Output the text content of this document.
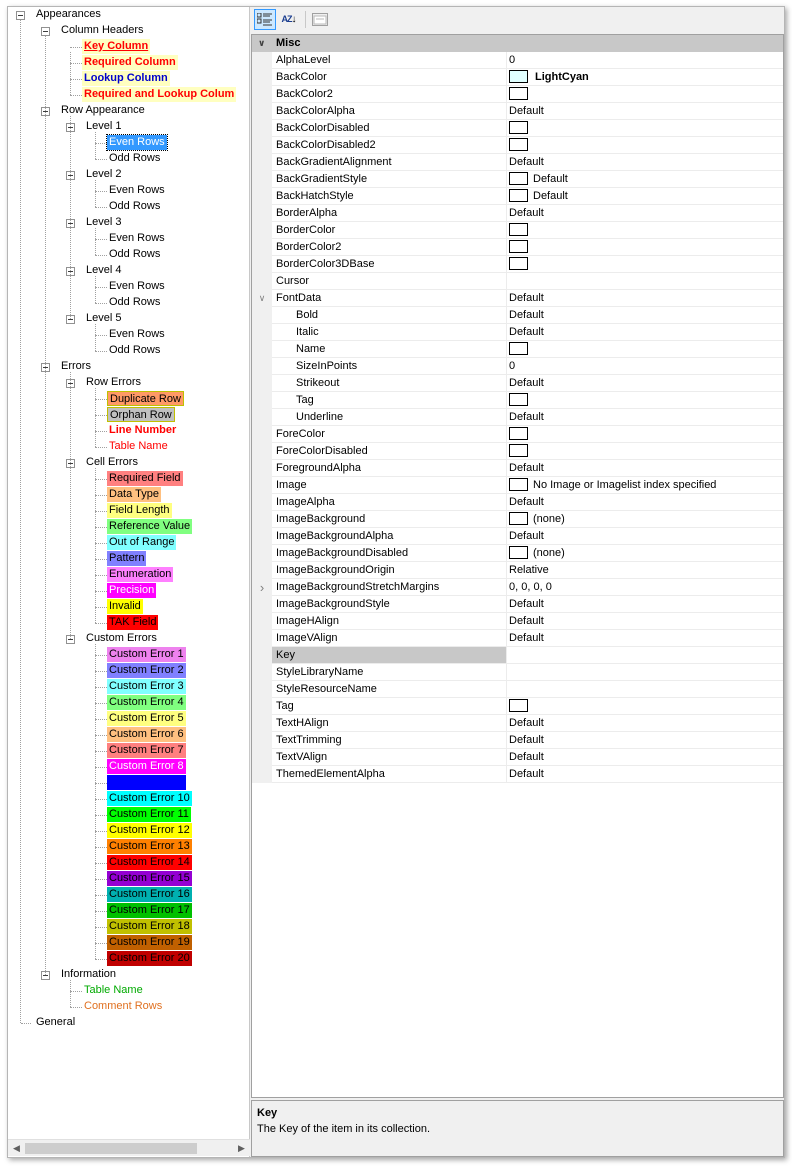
Appearances
Column Headers
Key Column
Required Column
Lookup Column
Required and Lookup Colum
Row Appearance
Level 1
Even Rows
Odd Rows
Level 2
Even Rows
Odd Rows
Level 3
Even Rows
Odd Rows
Level 4
Even Rows
Odd Rows
Level 5
Even Rows
Odd Rows
Errors
Row Errors
Duplicate Row
Orphan Row
Line Number
Table Name
Cell Errors
Required Field
Data Type
Field Length
Reference Value
Out of Range
Pattern
Enumeration
Precision
Invalid
TAK Field
Custom Errors
Custom Error 1
Custom Error 2
Custom Error 3
Custom Error 4
Custom Error 5
Custom Error 6
Custom Error 7
Custom Error 8
Custom Error 9
Custom Error 10
Custom Error 11
Custom Error 12
Custom Error 13
Custom Error 14
Custom Error 15
Custom Error 16
Custom Error 17
Custom Error 18
Custom Error 19
Custom Error 20
Information
Table Name
Comment Rows
General
◀	▶
AZ↓
∨ Misc
AlphaLevel	0
BackColor	LightCyan
BackColor2
BackColorAlpha	Default
BackColorDisabled
BackColorDisabled2
BackGradientAlignment	Default
BackGradientStyle	Default
BackHatchStyle	Default
BorderAlpha	Default
BorderColor
BorderColor2
BorderColor3DBase
Cursor
∨ FontData	Default
Bold	Default
Italic	Default
Name
SizeInPoints	0
Strikeout	Default
Tag
Underline	Default
ForeColor
ForeColorDisabled
ForegroundAlpha	Default
Image	No Image or Imagelist index specified
ImageAlpha	Default
ImageBackground	(none)
ImageBackgroundAlpha	Default
ImageBackgroundDisabled	(none)
ImageBackgroundOrigin	Relative
›	ImageBackgroundStretchMargins	0, 0, 0, 0
ImageBackgroundStyle	Default
ImageHAlign	Default
ImageVAlign	Default
Key
StyleLibraryName
StyleResourceName
Tag
TextHAlign	Default
TextTrimming	Default
TextVAlign	Default
ThemedElementAlpha	Default
Key
The Key of the item in its collection.
